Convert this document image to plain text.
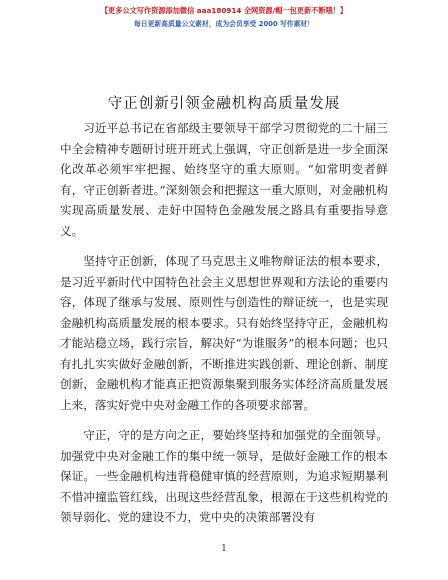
【更多公文写作资源添加微信 aaa180914 全网资源/帽一包更新不断哦！】
每日更新高质量公文素材，成为会员享受 2000 写作素材！
守正创新引领金融机构高质量发展

习近平总书记在省部级主要领导干部学习贯彻党的二十届三中全会精神专题研讨班开班式上强调，守正创新是进一步全面深化改革必须牢牢把握、始终坚守的重大原则。“如常明变者鲜有，守正创新者进。”深刻领会和把握这一重大原则，对金融机构实现高质量发展、走好中国特色金融发展之路具有重要指导意义。

坚持守正创新，体现了马克思主义唯物辩证法的根本要求，是习近平新时代中国特色社会主义思想世界观和方法论的重要内容，体现了继承与发展、原则性与创造性的辩证统一，也是实现金融机构高质量发展的根本要求。只有始终坚持守正，金融机构才能站稳立场，践行宗旨，解决好“为谁服务”的根本问题；也只有扎扎实实做好金融创新，不断推进实践创新、理论创新、制度创新，金融机构才能真正把资源集聚到服务实体经济高质量发展上来，落实好党中央对金融工作的各项要求部署。

守正，守的是方向之正，要始终坚持和加强党的全面领导。加强党中央对金融工作的集中统一领导，是做好金融工作的根本保证。一些金融机构违背稳健审慎的经营原则，为追求短期暴利不惜冲撞监管红线，出现这些经营乱象，根源在于这些机构党的领导弱化、党的建设不力，党中央的决策部署没有

1
